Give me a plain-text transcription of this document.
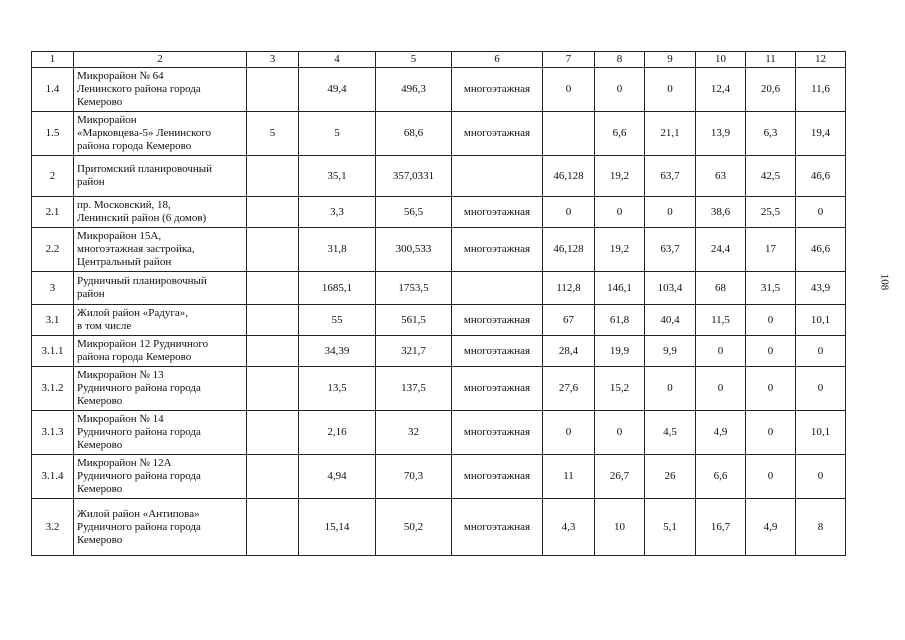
1	2	3	4	5	6	7	8	9	10	11	12
1.4	Микрорайон № 64
Ленинского района города
Кемерово		49,4	496,3	многоэтажная	0	0	0	12,4	20,6	11,6
1.5	Микрорайон
«Марковцева-5» Ленинского
района города Кемерово	5	5	68,6	многоэтажная		6,6	21,1	13,9	6,3	19,4
2	Притомский планировочный
район		35,1	357,0331		46,128	19,2	63,7	63	42,5	46,6
2.1	пр. Московский, 18,
Ленинский район (6 домов)		3,3	56,5	многоэтажная	0	0	0	38,6	25,5	0
2.2	Микрорайон 15А,
многоэтажная застройка,
Центральный район		31,8	300,533	многоэтажная	46,128	19,2	63,7	24,4	17	46,6
3	Рудничный планировочный
район		1685,1	1753,5		112,8	146,1	103,4	68	31,5	43,9
3.1	Жилой район «Радуга»,
в том числе		55	561,5	многоэтажная	67	61,8	40,4	11,5	0	10,1
3.1.1	Микрорайон 12 Рудничного
района города Кемерово		34,39	321,7	многоэтажная	28,4	19,9	9,9	0	0	0
3.1.2	Микрорайон № 13
Рудничного района города
Кемерово		13,5	137,5	многоэтажная	27,6	15,2	0	0	0	0
3.1.3	Микрорайон № 14
Рудничного района города
Кемерово		2,16	32	многоэтажная	0	0	4,5	4,9	0	10,1
3.1.4	Микрорайон № 12А
Рудничного района города
Кемерово		4,94	70,3	многоэтажная	11	26,7	26	6,6	0	0
3.2	Жилой район «Антипова»
Рудничного района города
Кемерово		15,14	50,2	многоэтажная	4,3	10	5,1	16,7	4,9	8
108
